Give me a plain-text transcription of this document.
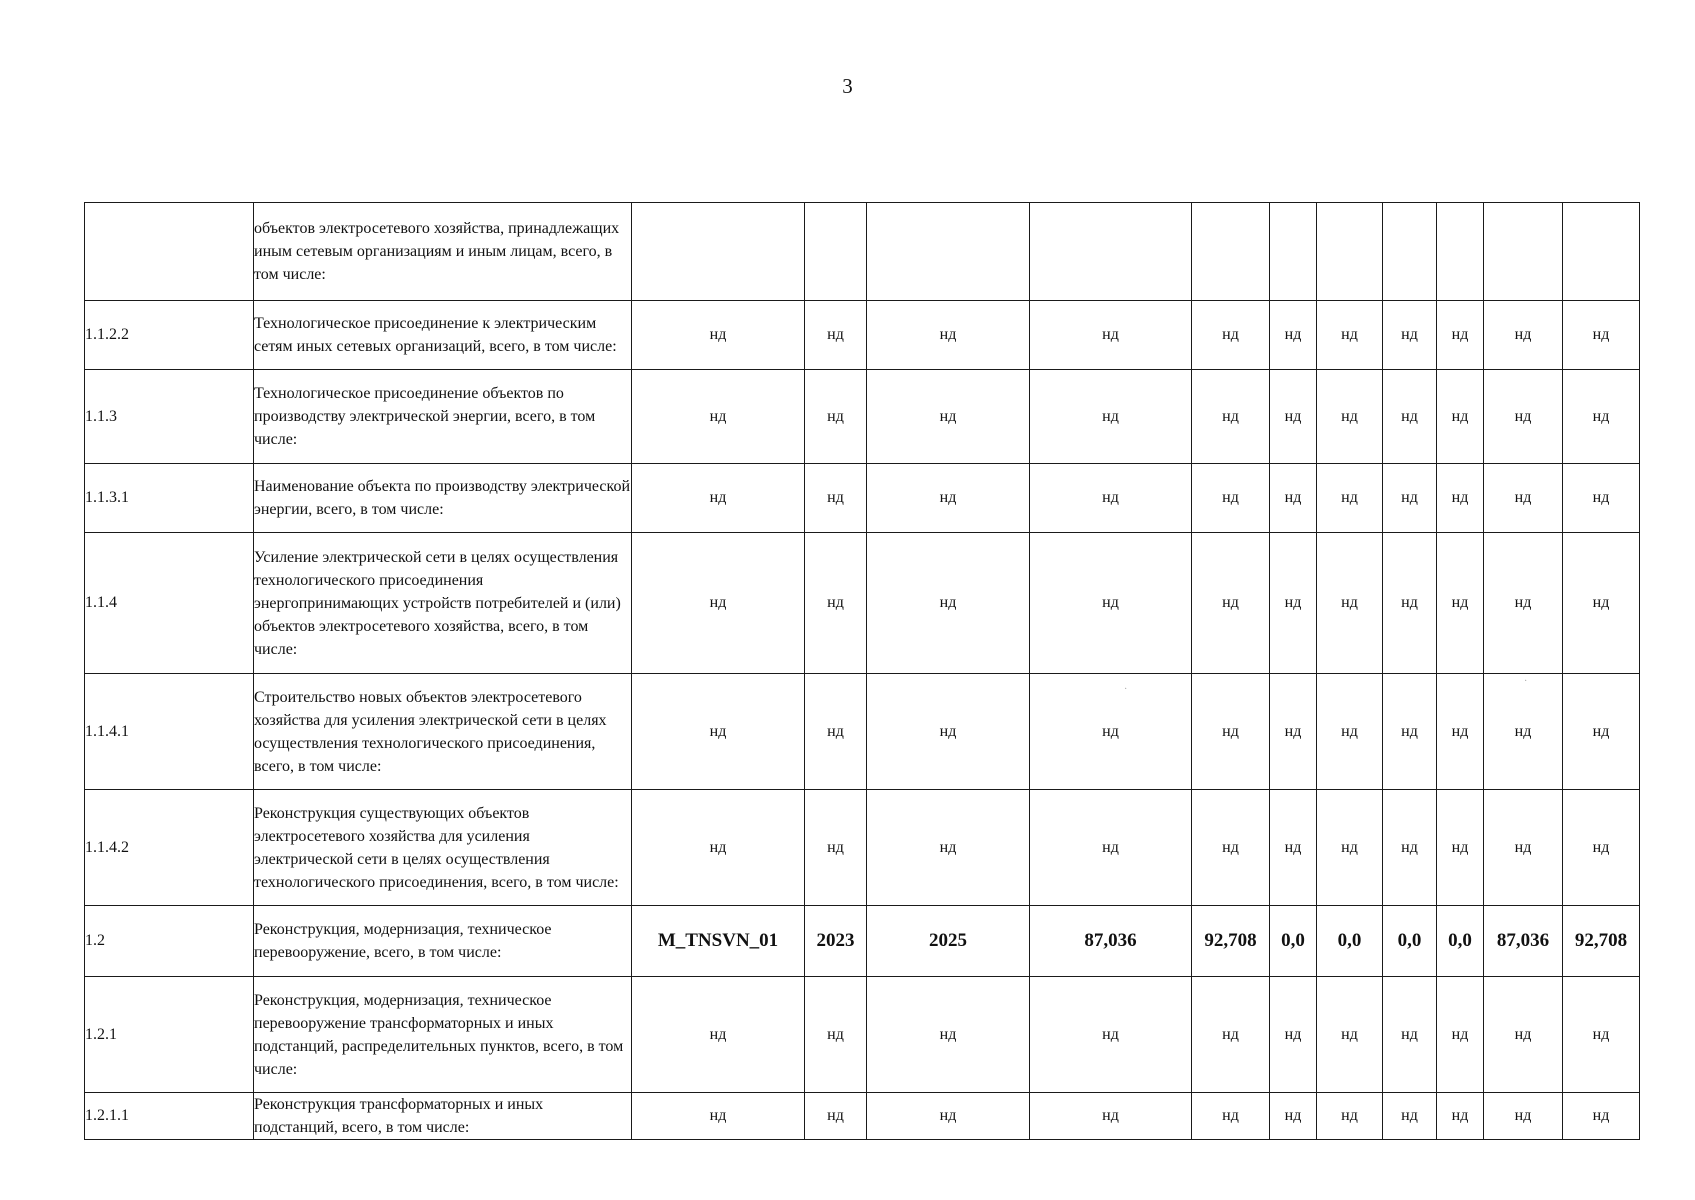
3
	объектов электросетевого хозяйства, принадлежащих иным сетевым организациям и иным лицам, всего, в том числе:											
1.1.2.2	Технологическое присоединение к электрическим сетям иных сетевых организаций, всего, в том числе:	нд	нд	нд	нд	нд	нд	нд	нд	нд	нд	нд
1.1.3	Технологическое присоединение объектов по производству электрической энергии, всего, в том числе:	нд	нд	нд	нд	нд	нд	нд	нд	нд	нд	нд
1.1.3.1	Наименование объекта по производству электрической энергии, всего, в том числе:	нд	нд	нд	нд	нд	нд	нд	нд	нд	нд	нд
1.1.4	Усиление электрической сети в целях осуществления технологического присоединения энергопринимающих устройств потребителей и (или) объектов электросетевого хозяйства, всего, в том числе:	нд	нд	нд	нд	нд	нд	нд	нд	нд	нд	нд
1.1.4.1	Строительство новых объектов электросетевого хозяйства для усиления электрической сети в целях осуществления технологического присоединения, всего, в том числе:	нд	нд	нд	нд	нд	нд	нд	нд	нд	нд	нд
1.1.4.2	Реконструкция существующих объектов электросетевого хозяйства для усиления электрической сети в целях осуществления технологического присоединения, всего, в том числе:	нд	нд	нд	нд	нд	нд	нд	нд	нд	нд	нд
1.2	Реконструкция, модернизация, техническое перевооружение, всего, в том числе:	M_TNSVN_01	2023	2025	87,036	92,708	0,0	0,0	0,0	0,0	87,036	92,708
1.2.1	Реконструкция, модернизация, техническое перевооружение трансформаторных и иных подстанций, распределительных пунктов, всего, в том числе:	нд	нд	нд	нд	нд	нд	нд	нд	нд	нд	нд
1.2.1.1	Реконструкция трансформаторных и иных подстанций, всего, в том числе:	нд	нд	нд	нд	нд	нд	нд	нд	нд	нд	нд
·
·
